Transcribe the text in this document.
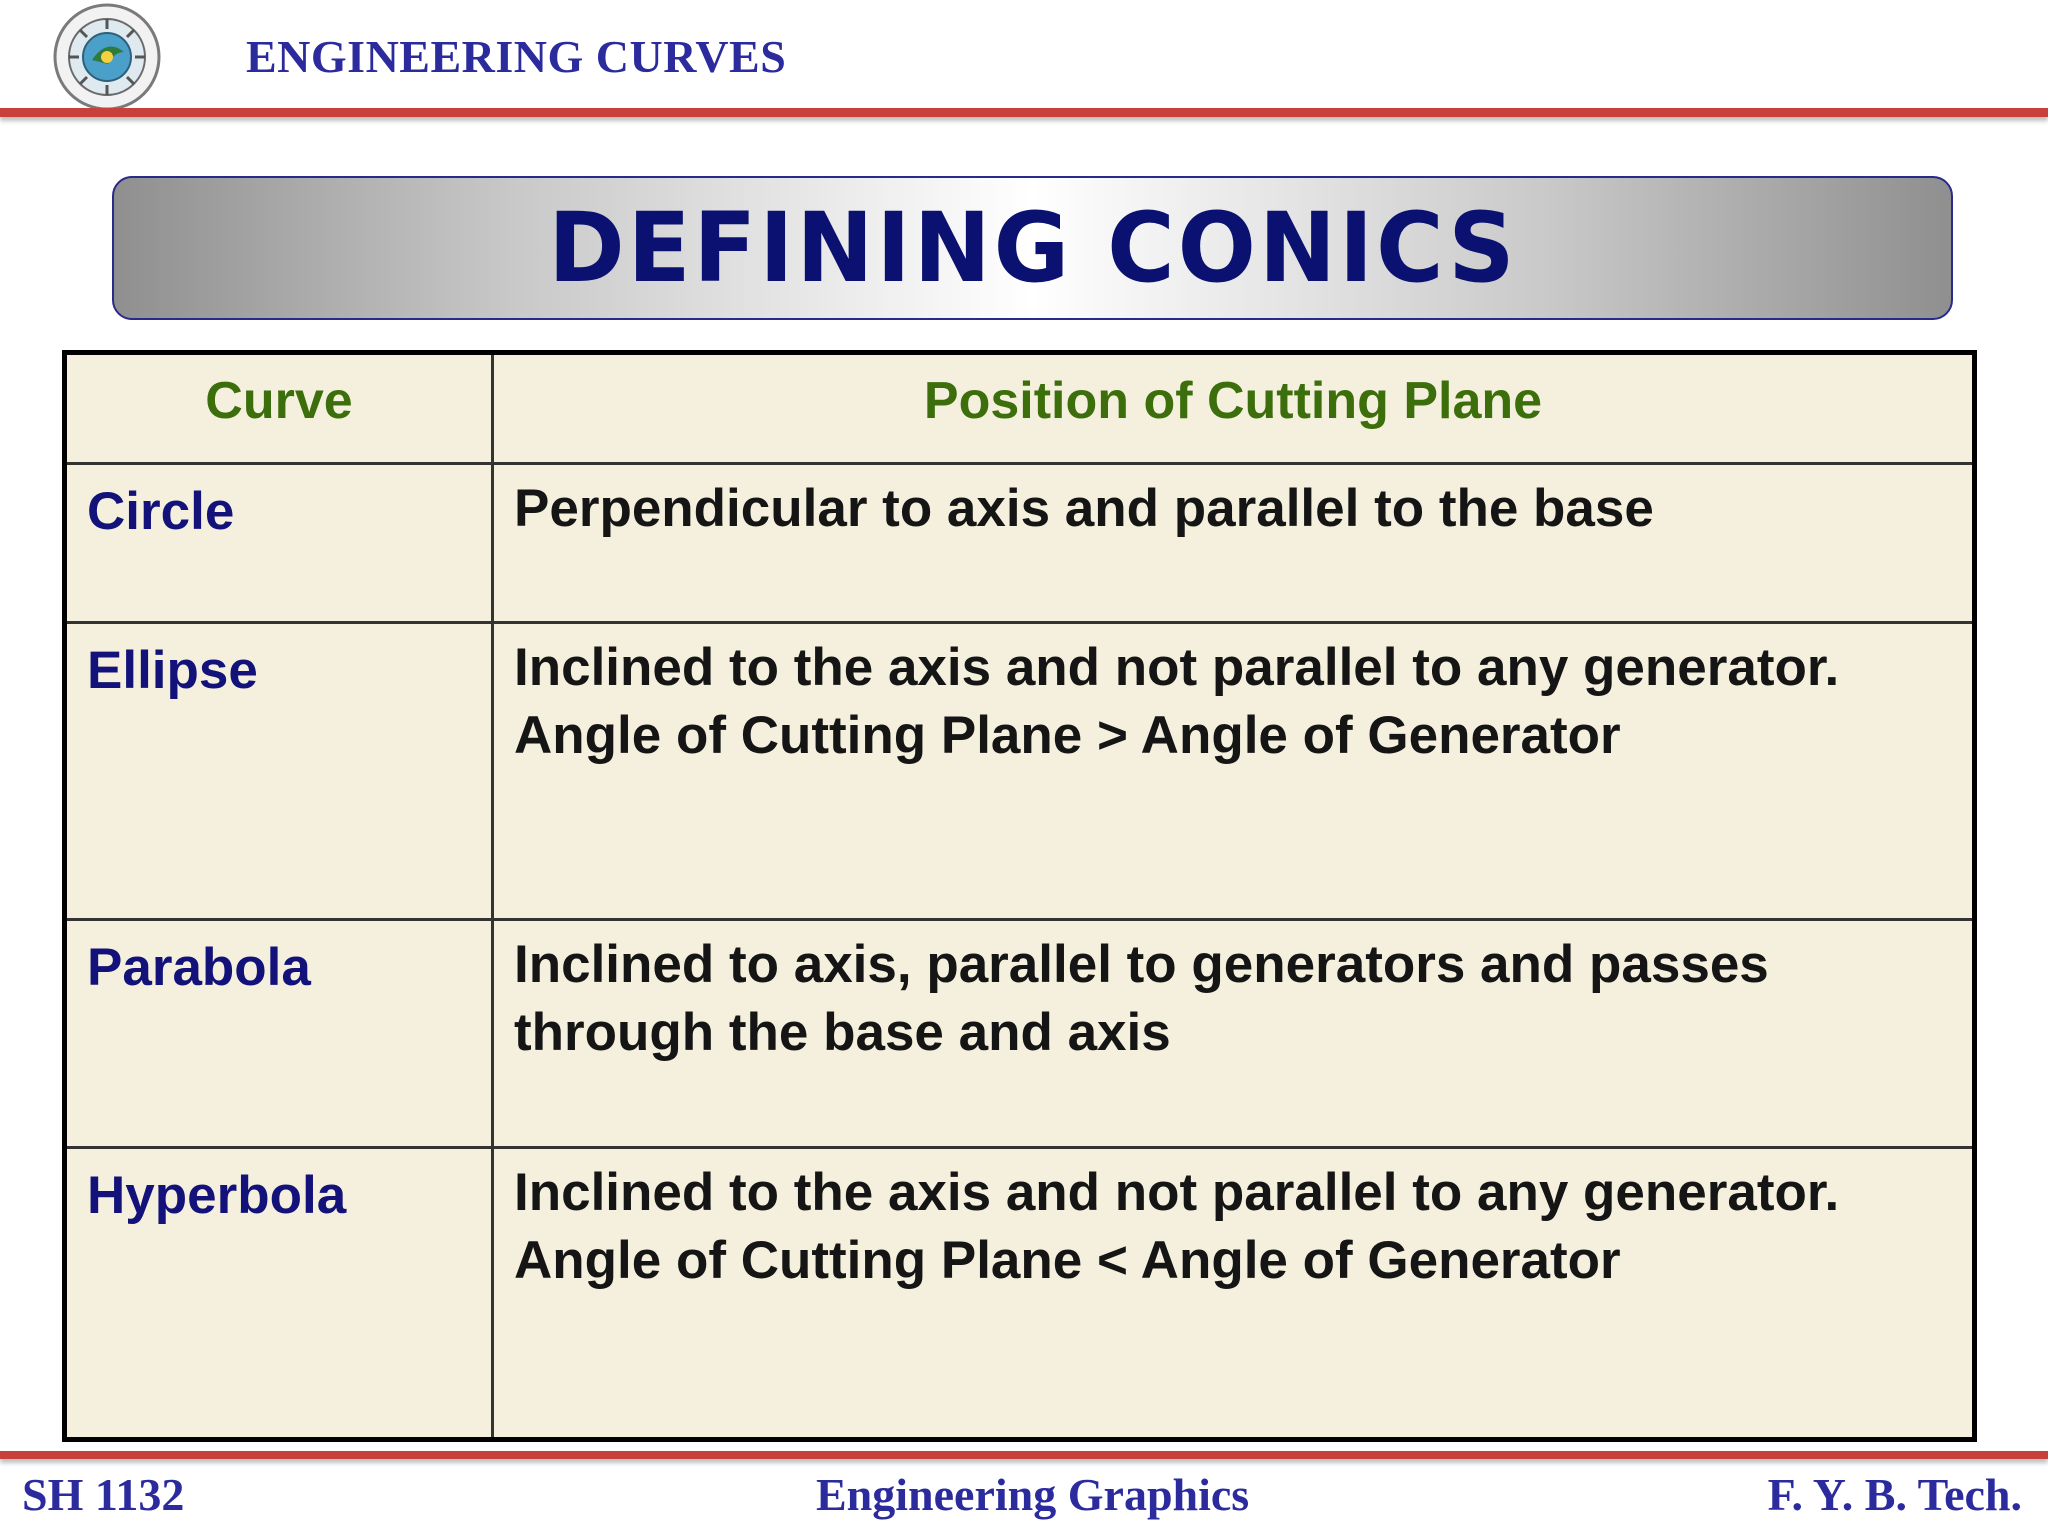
ENGINEERING CURVES
DEFINING CONICS
Curve	Position of Cutting Plane
Circle	Perpendicular to axis and parallel to the base
Ellipse	Inclined to the axis and not parallel to any generator.
Angle of Cutting Plane > Angle of Generator
Parabola	Inclined to axis, parallel to generators and passes
through the base and axis
Hyperbola	Inclined to the axis and not parallel to any generator.
Angle of Cutting Plane < Angle of Generator
SH 1132	Engineering Graphics	F. Y. B. Tech.
